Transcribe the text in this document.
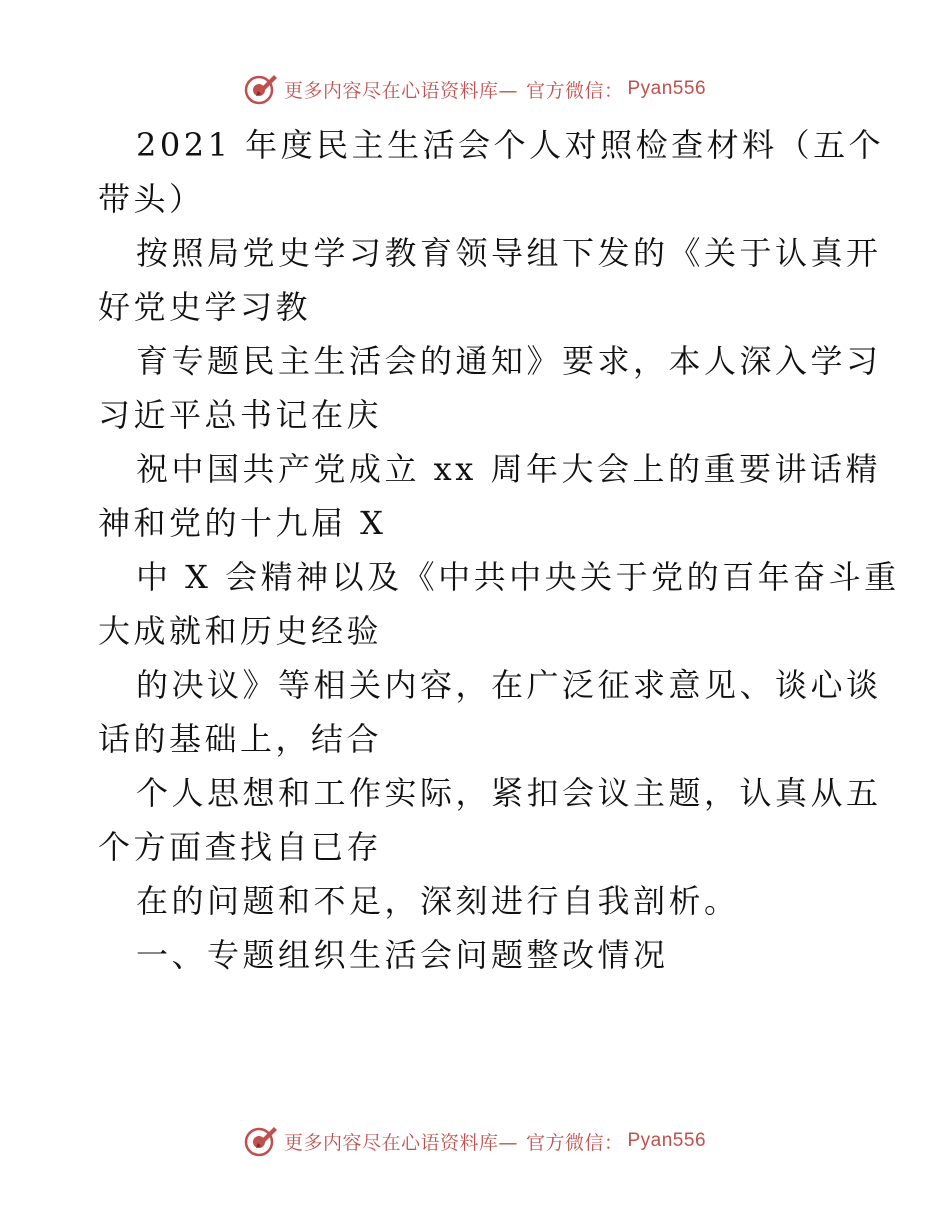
更多内容尽在心语资料库— 官方微信： Pyan556
2021 年度民主生活会个人对照检查材料（五个
带头）
按照局党史学习教育领导组下发的《关于认真开
好党史学习教
育专题民主生活会的通知》要求，本人深入学习
习近平总书记在庆
祝中国共产党成立 xx 周年大会上的重要讲话精
神和党的十九届 X
中 X 会精神以及《中共中央关于党的百年奋斗重
大成就和历史经验
的决议》等相关内容，在广泛征求意见、谈心谈
话的基础上，结合
个人思想和工作实际，紧扣会议主题，认真从五
个方面查找自已存
在的问题和不足，深刻进行自我剖析。
一、专题组织生活会问题整改情况
更多内容尽在心语资料库— 官方微信： Pyan556
